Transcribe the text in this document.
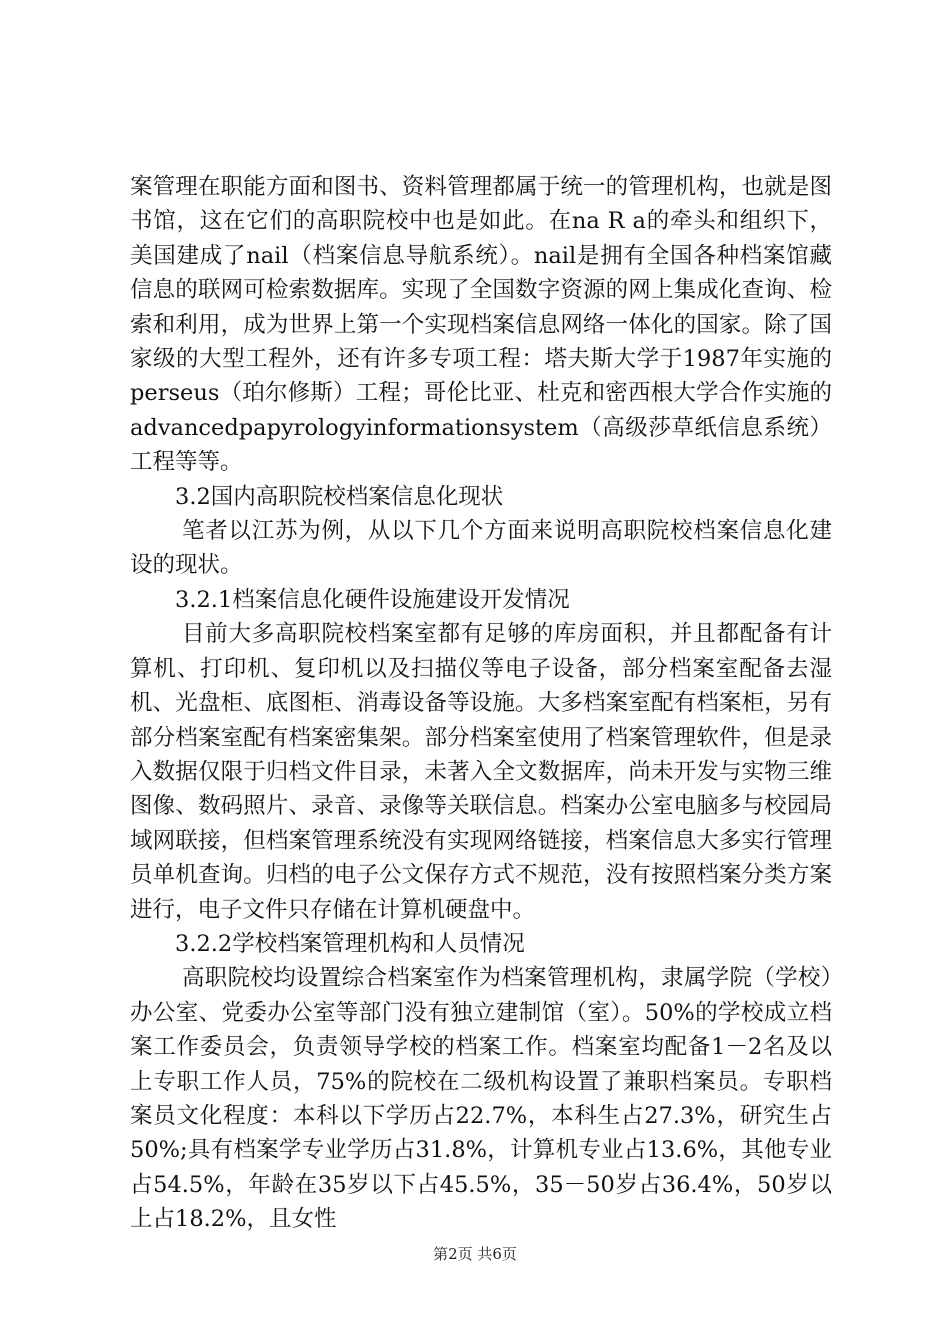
案管理在职能方面和图书、资料管理都属于统一的管理机构，也就是图书馆，这在它们的高职院校中也是如此。在na R a的牵头和组织下，美国建成了nail（档案信息导航系统）。nail是拥有全国各种档案馆藏信息的联网可检索数据库。实现了全国数字资源的网上集成化查询、检索和利用，成为世界上第一个实现档案信息网络一体化的国家。除了国家级的大型工程外，还有许多专项工程：塔夫斯大学于1987年实施的perseus（珀尔修斯）工程；哥伦比亚、杜克和密西根大学合作实施的advancedpapyrologyinformationsystem（高级莎草纸信息系统）工程等等。

3.2国内高职院校档案信息化现状

笔者以江苏为例，从以下几个方面来说明高职院校档案信息化建设的现状。

3.2.1档案信息化硬件设施建设开发情况

目前大多高职院校档案室都有足够的库房面积，并且都配备有计算机、打印机、复印机以及扫描仪等电子设备，部分档案室配备去湿机、光盘柜、底图柜、消毒设备等设施。大多档案室配有档案柜，另有部分档案室配有档案密集架。部分档案室使用了档案管理软件，但是录入数据仅限于归档文件目录，未著入全文数据库，尚未开发与实物三维图像、数码照片、录音、录像等关联信息。档案办公室电脑多与校园局域网联接，但档案管理系统没有实现网络链接，档案信息大多实行管理员单机查询。归档的电子公文保存方式不规范，没有按照档案分类方案进行，电子文件只存储在计算机硬盘中。

3.2.2学校档案管理机构和人员情况

高职院校均设置综合档案室作为档案管理机构，隶属学院（学校）办公室、党委办公室等部门没有独立建制馆（室）。50%的学校成立档案工作委员会，负责领导学校的档案工作。档案室均配备1－2名及以上专职工作人员，75%的院校在二级机构设置了兼职档案员。专职档案员文化程度：本科以下学历占22.7%，本科生占27.3%，研究生占50%;具有档案学专业学历占31.8%，计算机专业占13.6%，其他专业占54.5%，年龄在35岁以下占45.5%，35－50岁占36.4%，50岁以上占18.2%，且女性

第2页 共6页
